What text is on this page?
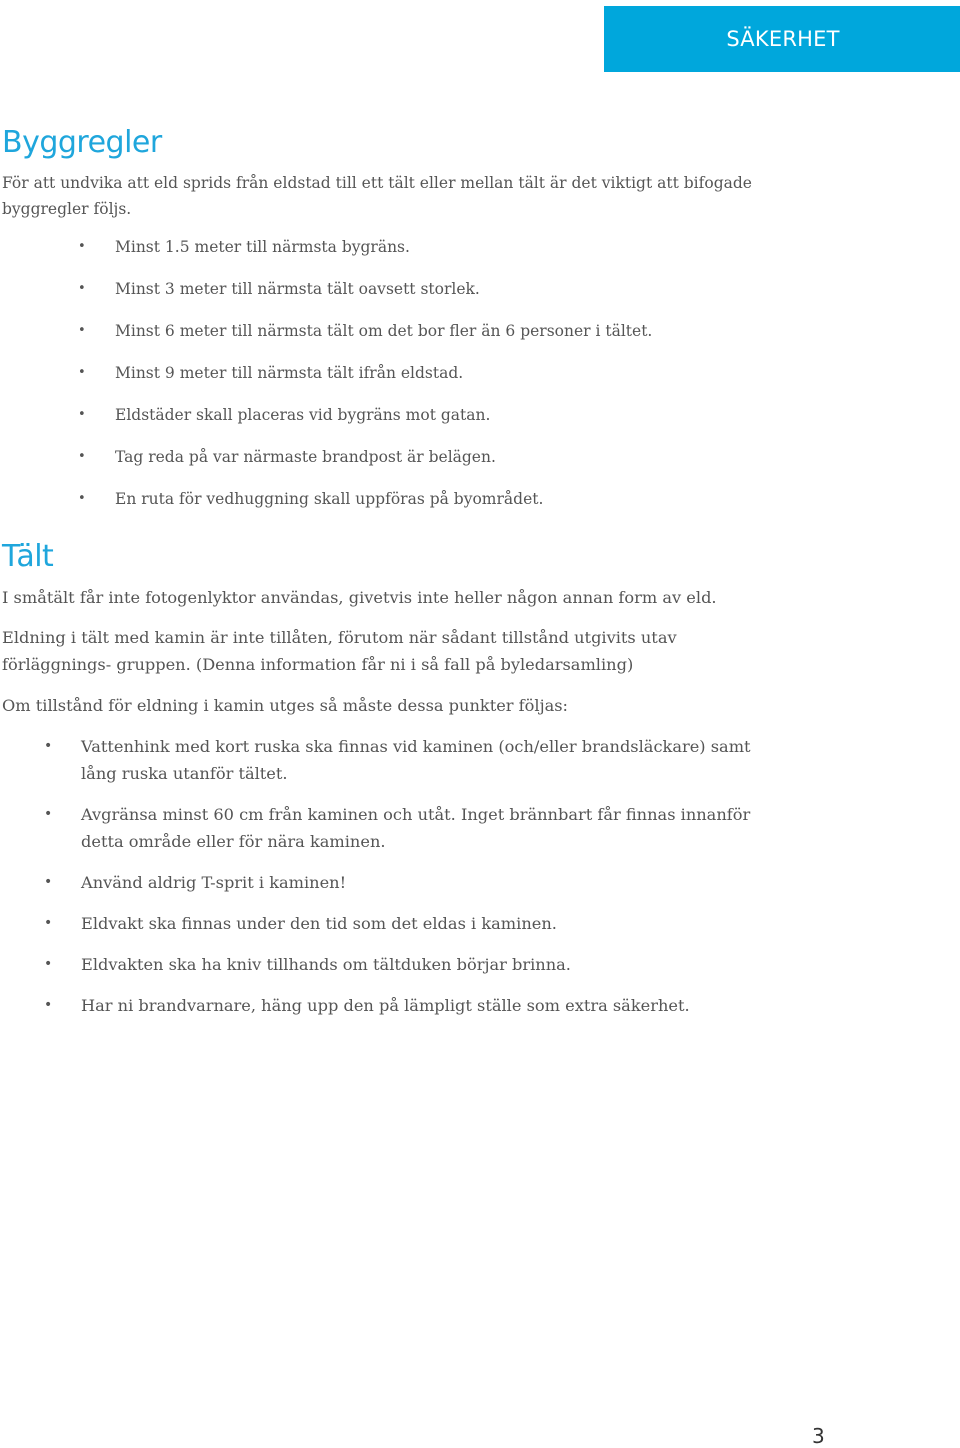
SÄKERHET
Byggregler

För att undvika att eld sprids från eldstad till ett tält eller mellan tält är det viktigt att bifogade byggregler följs.

• Minst 1.5 meter till närmsta bygräns.
• Minst 3 meter till närmsta tält oavsett storlek.
• Minst 6 meter till närmsta tält om det bor fler än 6 personer i tältet.
• Minst 9 meter till närmsta tält ifrån eldstad.
• Eldstäder skall placeras vid bygräns mot gatan.
• Tag reda på var närmaste brandpost är belägen.
• En ruta för vedhuggning skall uppföras på byområdet.
Tält

I småtält får inte fotogenlyktor användas, givetvis inte heller någon annan form av eld.

Eldning i tält med kamin är inte tillåten, förutom när sådant tillstånd utgivits utav förläggnings- gruppen. (Denna information får ni i så fall på byledarsamling)

Om tillstånd för eldning i kamin utges så måste dessa punkter följas:

• Vattenhink med kort ruska ska finnas vid kaminen (och/eller brandsläckare) samt lång ruska utanför tältet.
• Avgränsa minst 60 cm från kaminen och utåt. Inget brännbart får finnas innanför detta område eller för nära kaminen.
• Använd aldrig T-sprit i kaminen!
• Eldvakt ska finnas under den tid som det eldas i kaminen.
• Eldvakten ska ha kniv tillhands om tältduken börjar brinna.
• Har ni brandvarnare, häng upp den på lämpligt ställe som extra säkerhet.
3
